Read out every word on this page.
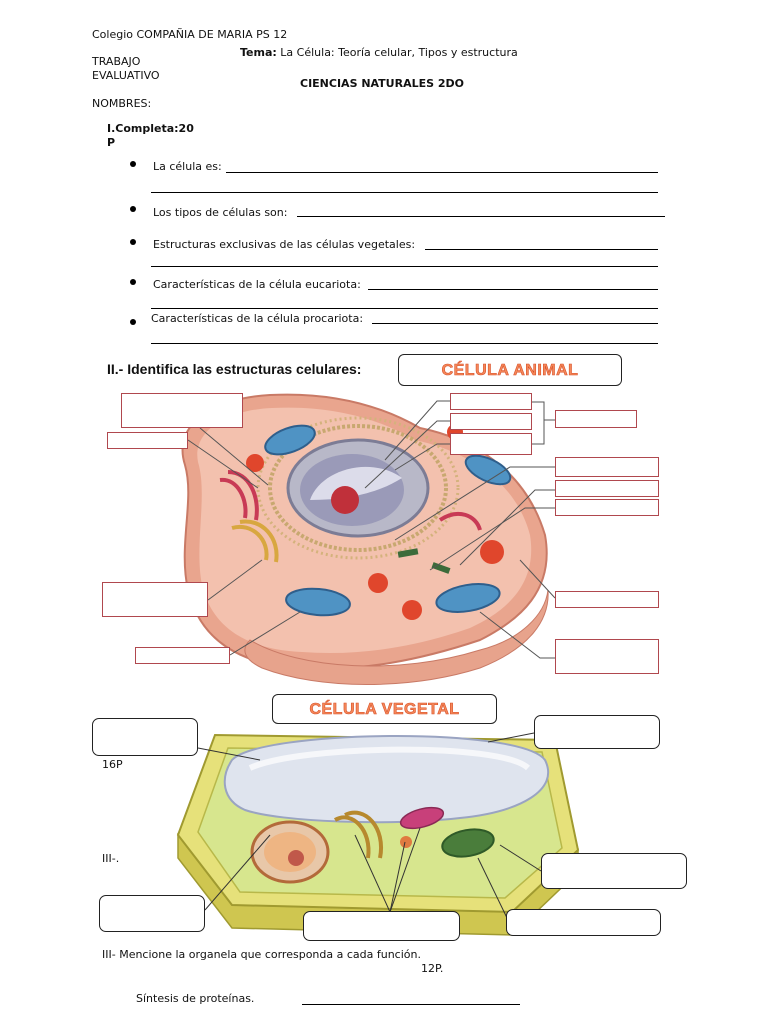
Colegio COMPAÑIA DE MARIA PS 12
TRABAJO
EVALUATIVO
Tema: La Célula: Teoría celular, Tipos y estructura
CIENCIAS NATURALES 2DO
NOMBRES:
I.Completa:20
P
La célula es:
Los tipos de células son:
Estructuras exclusivas de las células vegetales:
Características de la célula eucariota:
Características de la célula procariota:
II.- Identifica las estructuras celulares:	CÉLULA ANIMAL
CÉLULA VEGETAL
16P
III-.
III- Mencione la organela que corresponda a cada función.
12P.
Síntesis de proteínas.
